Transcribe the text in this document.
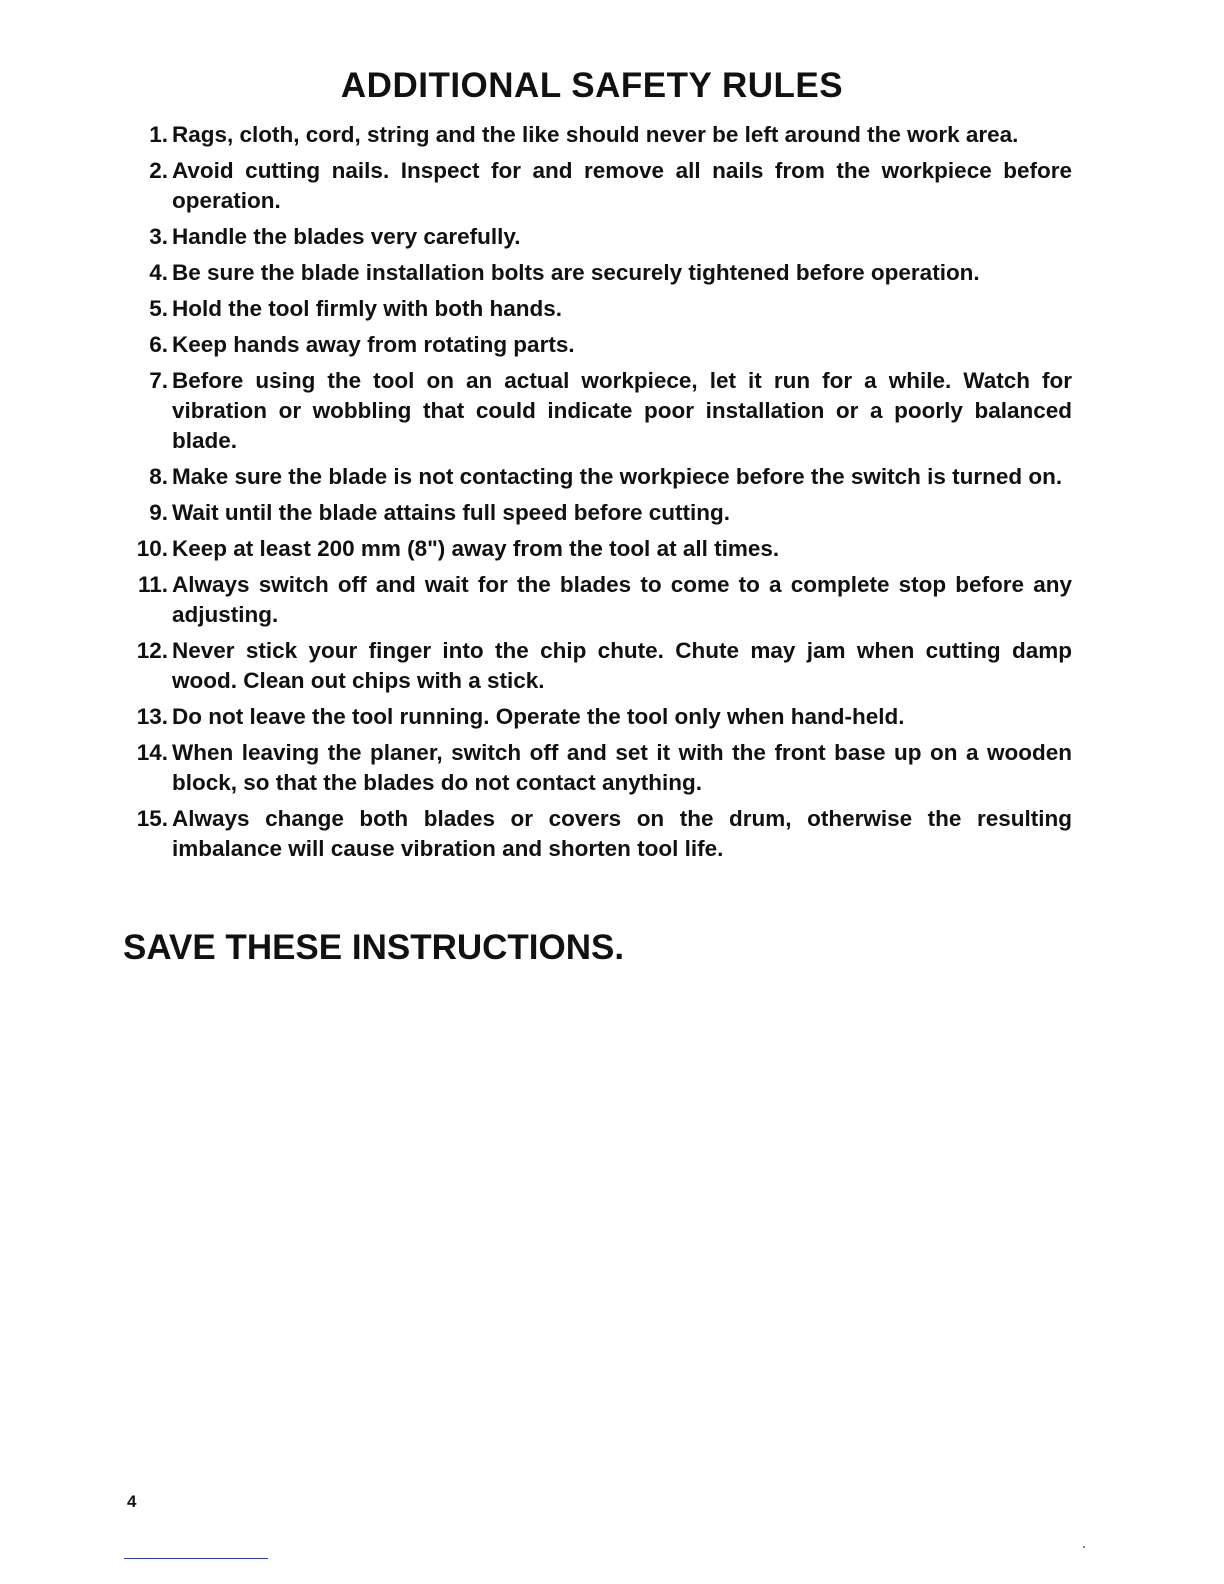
ADDITIONAL SAFETY RULES
1. Rags, cloth, cord, string and the like should never be left around the work area.
2. Avoid cutting nails. Inspect for and remove all nails from the workpiece before operation.
3. Handle the blades very carefully.
4. Be sure the blade installation bolts are securely tightened before operation.
5. Hold the tool firmly with both hands.
6. Keep hands away from rotating parts.
7. Before using the tool on an actual workpiece, let it run for a while. Watch for vibration or wobbling that could indicate poor installation or a poorly balanced blade.
8. Make sure the blade is not contacting the workpiece before the switch is turned on.
9. Wait until the blade attains full speed before cutting.
10. Keep at least 200 mm (8") away from the tool at all times.
11. Always switch off and wait for the blades to come to a complete stop before any adjusting.
12. Never stick your finger into the chip chute. Chute may jam when cutting damp wood. Clean out chips with a stick.
13. Do not leave the tool running. Operate the tool only when hand-held.
14. When leaving the planer, switch off and set it with the front base up on a wooden block, so that the blades do not contact anything.
15. Always change both blades or covers on the drum, otherwise the resulting imbalance will cause vibration and shorten tool life.
SAVE THESE INSTRUCTIONS.
4
